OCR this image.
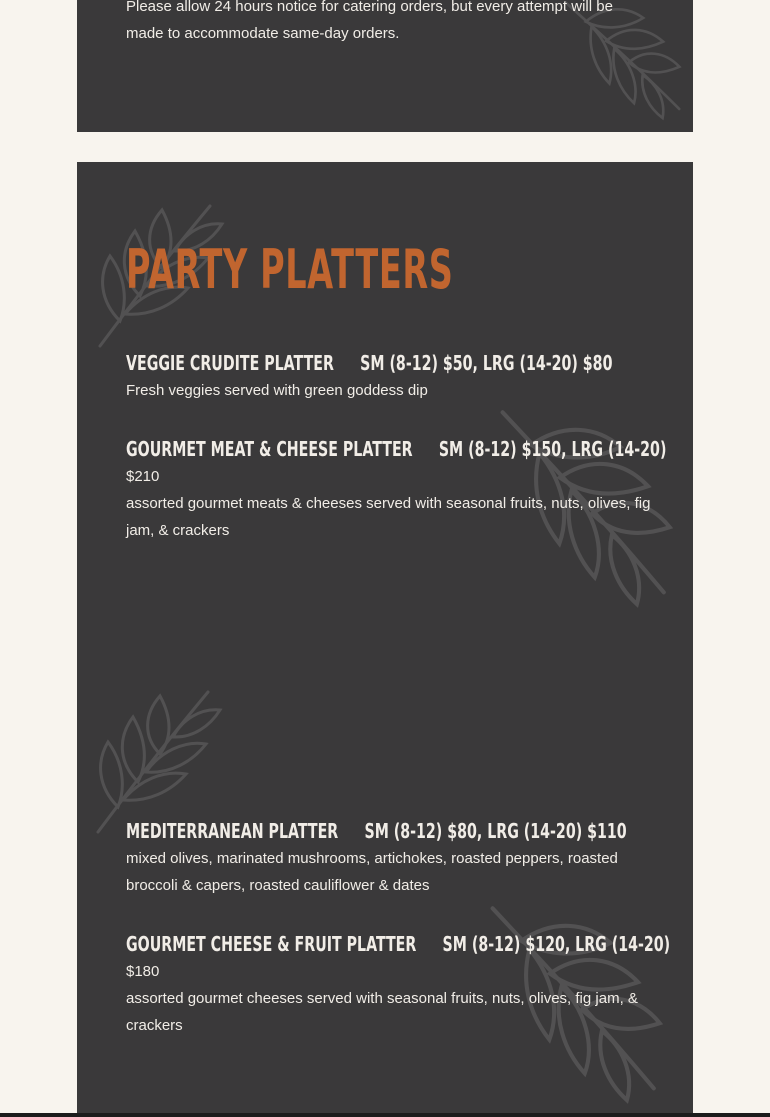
Please allow 24 hours notice for catering orders, but every attempt will be made to accommodate same-day orders.
PARTY PLATTERS
VEGGIE CRUDITE PLATTER SM (8-12) $50, LRG (14-20) $80
Fresh veggies served with green goddess dip
GOURMET MEAT & CHEESE PLATTER SM (8-12) $150, LRG (14-20)
$210
assorted gourmet meats & cheeses served with seasonal fruits, nuts, olives, fig jam, & crackers
MEDITERRANEAN PLATTER SM (8-12) $80, LRG (14-20) $110
mixed olives, marinated mushrooms, artichokes, roasted peppers, roasted broccoli & capers, roasted cauliflower & dates
GOURMET CHEESE & FRUIT PLATTER SM (8-12) $120, LRG (14-20)
$180
assorted gourmet cheeses served with seasonal fruits, nuts, olives, fig jam, & crackers
